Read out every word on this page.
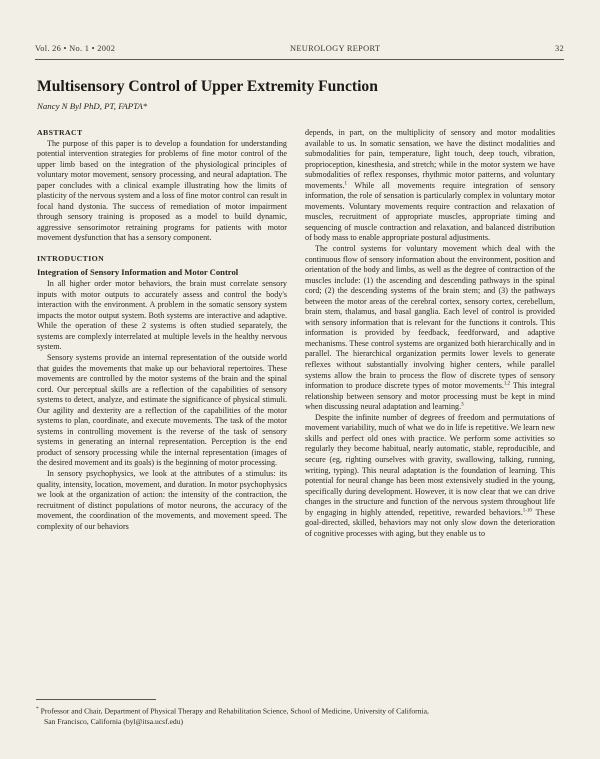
Vol. 26 • No. 1 • 2002	NEUROLOGY REPORT	32
Multisensory Control of Upper Extremity Function
Nancy N Byl PhD, PT, FAPTA*
ABSTRACT

The purpose of this paper is to develop a foundation for understanding potential intervention strategies for problems of fine motor control of the upper limb based on the integration of the physiological principles of voluntary motor movement, sensory processing, and neural adaptation. The paper concludes with a clinical example illustrating how the limits of plasticity of the nervous system and a loss of fine motor control can result in focal hand dystonia. The success of remediation of motor impairment through sensory training is proposed as a model to build dynamic, aggressive sensorimotor retraining programs for patients with motor movement dysfunction that has a sensory component.

INTRODUCTION
Integration of Sensory Information and Motor Control

In all higher order motor behaviors, the brain must correlate sensory inputs with motor outputs to accurately assess and control the body's interaction with the environment. A problem in the somatic sensory system impacts the motor output system. Both systems are interactive and adaptive. While the operation of these 2 systems is often studied separately, the systems are complexly interrelated at multiple levels in the healthy nervous system.

Sensory systems provide an internal representation of the outside world that guides the movements that make up our behavioral repertoires. These movements are controlled by the motor systems of the brain and the spinal cord. Our perceptual skills are a reflection of the capabilities of sensory systems to detect, analyze, and estimate the significance of physical stimuli. Our agility and dexterity are a reflection of the capabilities of the motor systems to plan, coordinate, and execute movements. The task of the motor systems in controlling movement is the reverse of the task of sensory systems in generating an internal representation. Perception is the end product of sensory processing while the internal representation (images of the desired movement and its goals) is the beginning of motor processing.

In sensory psychophysics, we look at the attributes of a stimulus: its quality, intensity, location, movement, and duration. In motor psychophysics we look at the organization of action: the intensity of the contraction, the recruitment of distinct populations of motor neurons, the accuracy of the movement, the coordination of the movements, and movement speed. The complexity of our behaviors

depends, in part, on the multiplicity of sensory and motor modalities available to us. In somatic sensation, we have the distinct modalities and submodalities for pain, temperature, light touch, deep touch, vibration, proprioception, kinesthesia, and stretch; while in the motor system we have submodalities of reflex responses, rhythmic motor patterns, and voluntary movements.$^1$ While all movements require integration of sensory information, the role of sensation is particularly complex in voluntary motor movements. Voluntary movements require contraction and relaxation of muscles, recruitment of appropriate muscles, appropriate timing and sequencing of muscle contraction and relaxation, and balanced distribution of body mass to enable appropriate postural adjustments.

The control systems for voluntary movement which deal with the continuous flow of sensory information about the environment, position and orientation of the body and limbs, as well as the degree of contraction of the muscles include: (1) the ascending and descending pathways in the spinal cord; (2) the descending systems of the brain stem; and (3) the pathways between the motor areas of the cerebral cortex, sensory cortex, cerebellum, brain stem, thalamus, and basal ganglia. Each level of control is provided with sensory information that is relevant for the functions it controls. This information is provided by feedback, feedforward, and adaptive mechanisms. These control systems are organized both hierarchically and in parallel. The hierarchical organization permits lower levels to generate reflexes without substantially involving higher centers, while parallel systems allow the brain to process the flow of discrete types of sensory information to produce discrete types of motor movements.$^{1,2}$ This integral relationship between sensory and motor processing must be kept in mind when discussing neural adaptation and learning.$^3$

Despite the infinite number of degrees of freedom and permutations of movement variability, much of what we do in life is repetitive. We learn new skills and perfect old ones with practice. We perform some activities so regularly they become habitual, nearly automatic, stable, reproducible, and secure (eg, righting ourselves with gravity, swallowing, talking, running, writing, typing). This neural adaptation is the foundation of learning. This potential for neural change has been most extensively studied in the young, specifically during development. However, it is now clear that we can drive changes in the structure and function of the nervous system throughout life by engaging in highly attended, repetitive, rewarded behaviors.$^{1-10}$ These goal-directed, skilled, behaviors may not only slow down the deterioration of cognitive processes with aging, but they enable us to

* Professor and Chair, Department of Physical Therapy and Rehabilitation Science, School of Medicine, University of California,
San Francisco, California (byl@itsa.ucsf.edu)
